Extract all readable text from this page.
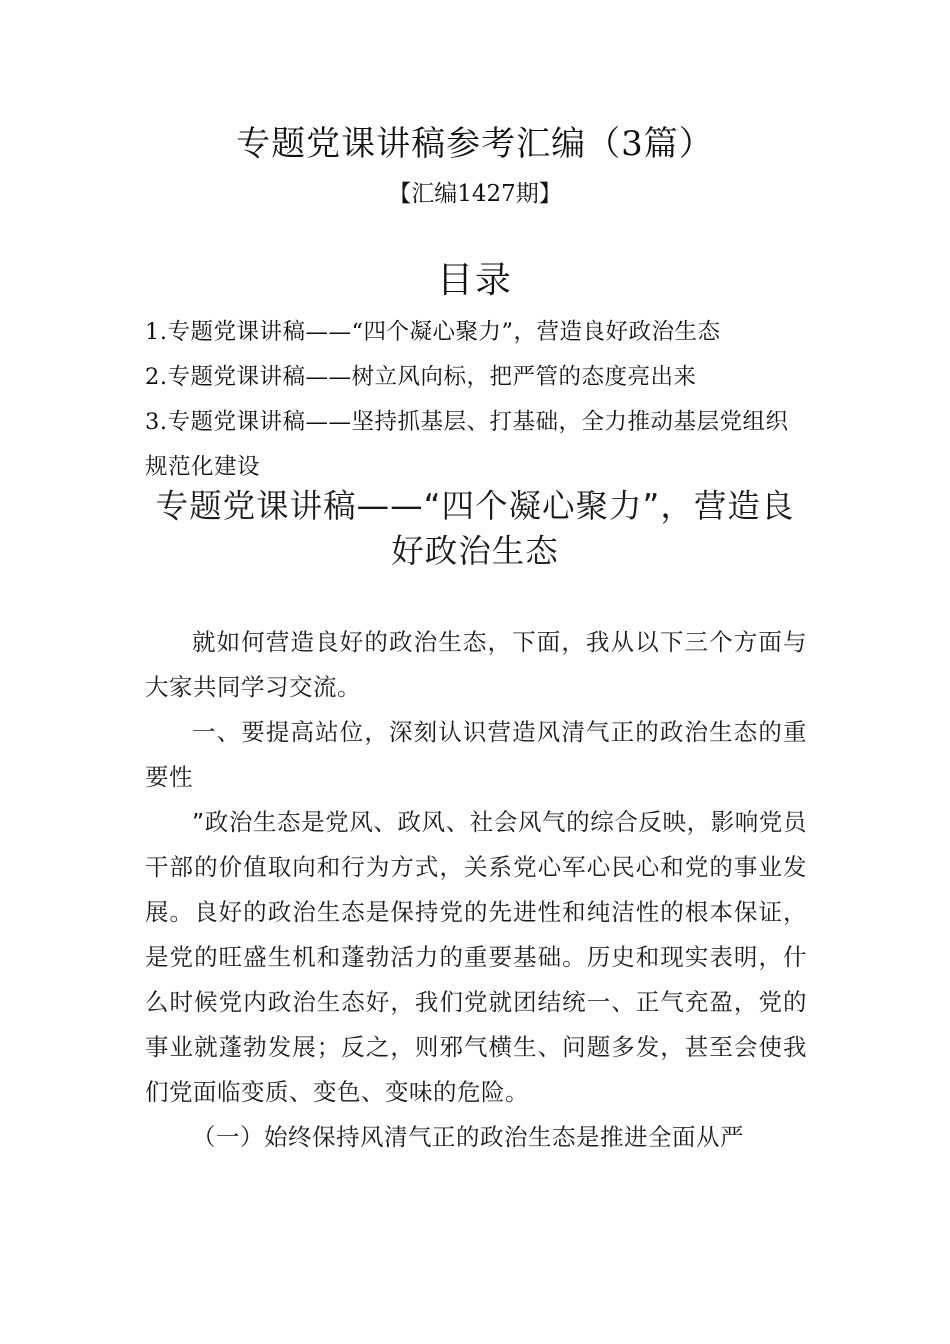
专题党课讲稿参考汇编（3篇）
【汇编1427期】
目录

1.专题党课讲稿——“四个凝心聚力”，营造良好政治生态

2.专题党课讲稿——树立风向标，把严管的态度亮出来

3.专题党课讲稿——坚持抓基层、打基础，全力推动基层党组织规范化建设

专题党课讲稿——“四个凝心聚力”，营造良好政治生态

就如何营造良好的政治生态，下面，我从以下三个方面与大家共同学习交流。

一、要提高站位，深刻认识营造风清气正的政治生态的重要性

”政治生态是党风、政风、社会风气的综合反映，影响党员干部的价值取向和行为方式，关系党心军心民心和党的事业发展。良好的政治生态是保持党的先进性和纯洁性的根本保证，是党的旺盛生机和蓬勃活力的重要基础。历史和现实表明，什么时候党内政治生态好，我们党就团结统一、正气充盈，党的事业就蓬勃发展；反之，则邪气横生、问题多发，甚至会使我们党面临变质、变色、变味的危险。

（一）始终保持风清气正的政治生态是推进全面从严
